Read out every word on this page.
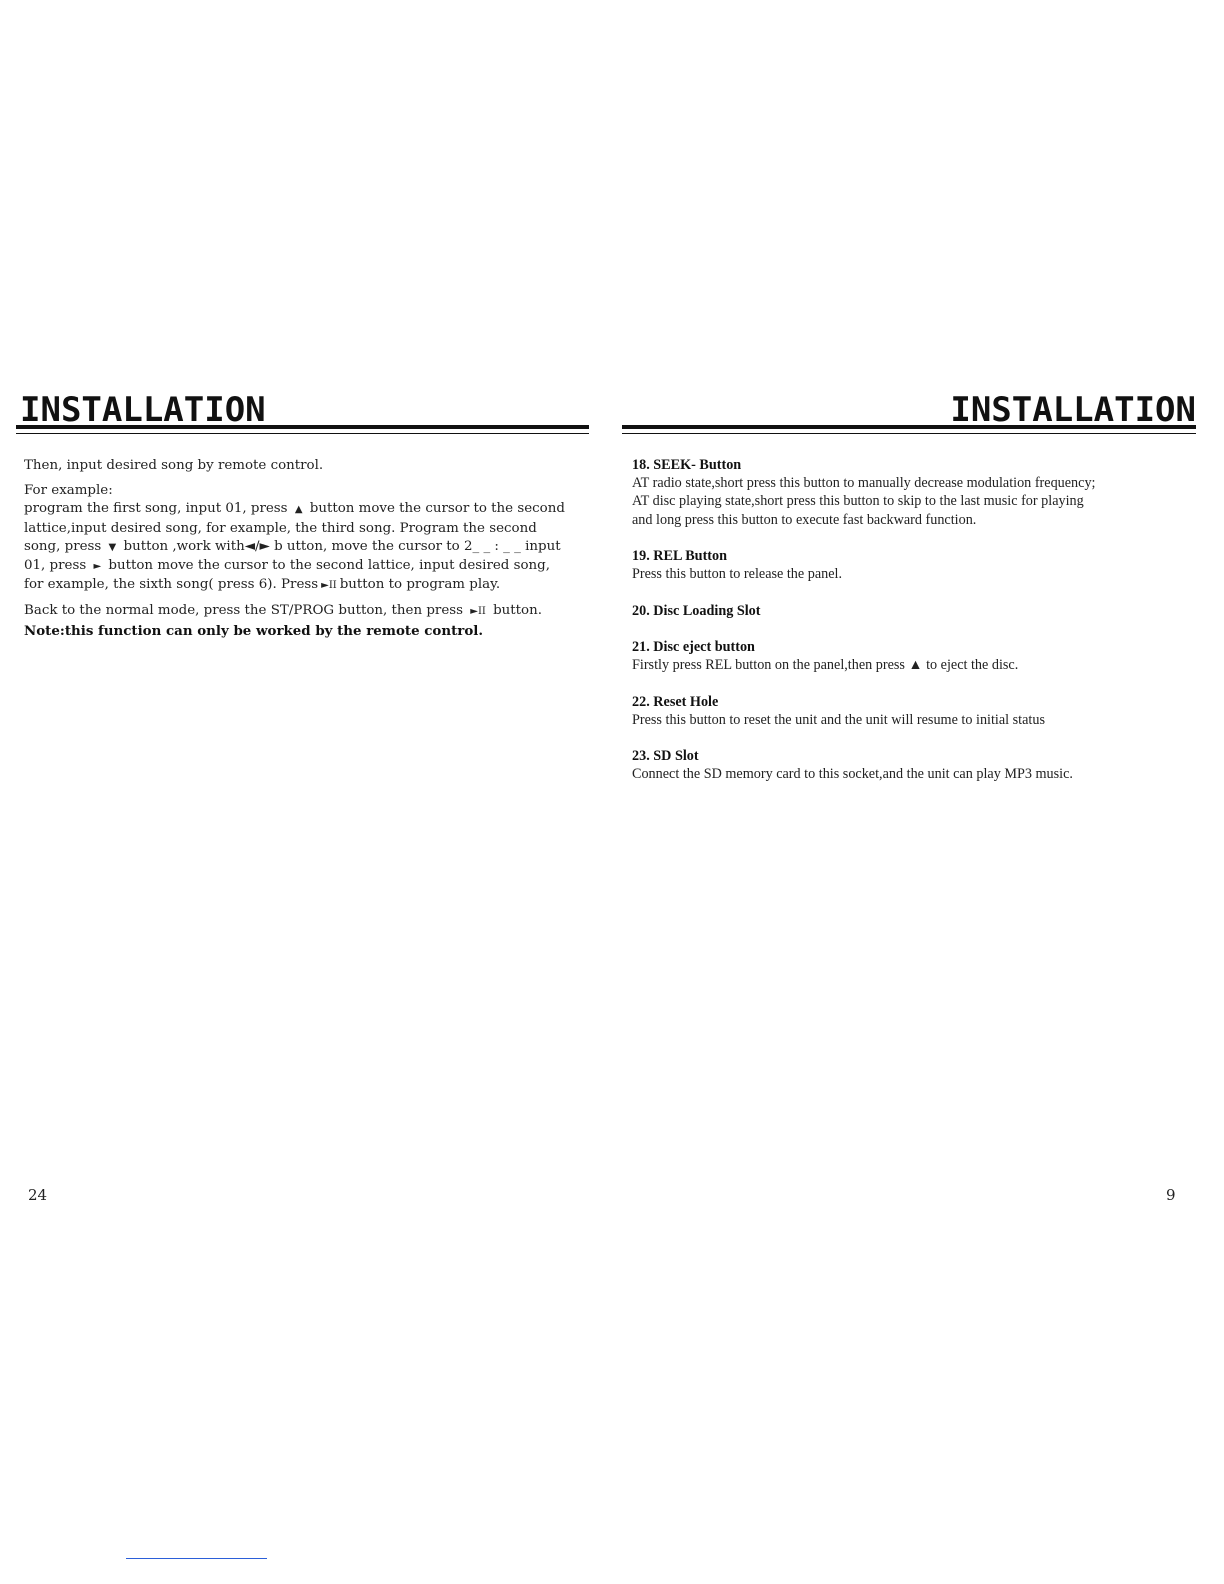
INSTALLATION

Then, input desired song by remote control.

For example:

program the first song, input 01, press ▲ button move the cursor to the second
lattice,input desired song, for example, the third song. Program the second
song, press ▼ button ,work with◄/► b utton, move the cursor to 2_ _ : _ _ input
01, press ► button move the cursor to the second lattice, input desired song,
for example, the sixth song( press 6). Press ►II button to program play.

Back to the normal mode, press the ST/PROG button, then press ►II button.

Note:this function can only be worked by the remote control.

24
INSTALLATION
18. SEEK- Button
AT radio state,short press this button to manually decrease modulation frequency;
AT disc playing state,short press this button to skip to the last music for playing
and long press this button to execute fast backward function.
19. REL Button
Press this button to release the panel.
20. Disc Loading Slot
21. Disc eject button
Firstly press REL button on the panel,then press ▲ to eject the disc.
22. Reset Hole
Press this button to reset the unit and the unit will resume to initial status
23. SD Slot
Connect the SD memory card to this socket,and the unit can play MP3 music.
9
